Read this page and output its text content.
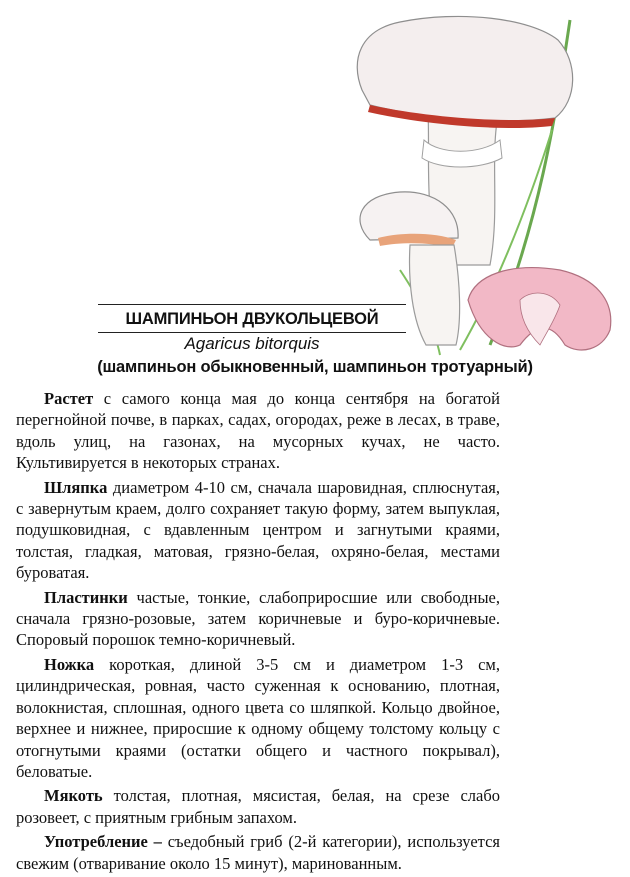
ШАМПИНЬОН ДВУКОЛЬЦЕВОЙ
Agaricus bitorquis
(шампиньон обыкновенный, шампиньон тротуарный)

Растет с самого конца мая до конца сентября на богатой перегнойной почве, в парках, садах, огородах, реже в лесах, в траве, вдоль улиц, на газонах, на мусорных кучах, не часто. Культивируется в некоторых странах.

Шляпка диаметром 4-10 см, сначала шаровидная, сплюснутая, с завернутым краем, долго сохраняет такую форму, затем выпуклая, подушковидная, с вдавленным центром и загнутыми краями, толстая, гладкая, матовая, грязно-белая, охряно-белая, местами буроватая.

Пластинки частые, тонкие, слабоприросшие или свободные, сначала грязно-розовые, затем коричневые и буро-коричневые. Споровый порошок темно-коричневый.

Ножка короткая, длиной 3-5 см и диаметром 1-3 см, цилиндрическая, ровная, часто суженная к основанию, плотная, волокнистая, сплошная, одного цвета со шляпкой. Кольцо двойное, верхнее и нижнее, приросшие к одному общему толстому кольцу с отогнутыми краями (остатки общего и частного покрывал), беловатые.

Мякоть толстая, плотная, мясистая, белая, на срезе слабо розовеет, с приятным грибным запахом.

Употребление – съедобный гриб (2-й категории), используется свежим (отваривание около 15 минут), маринованным.
